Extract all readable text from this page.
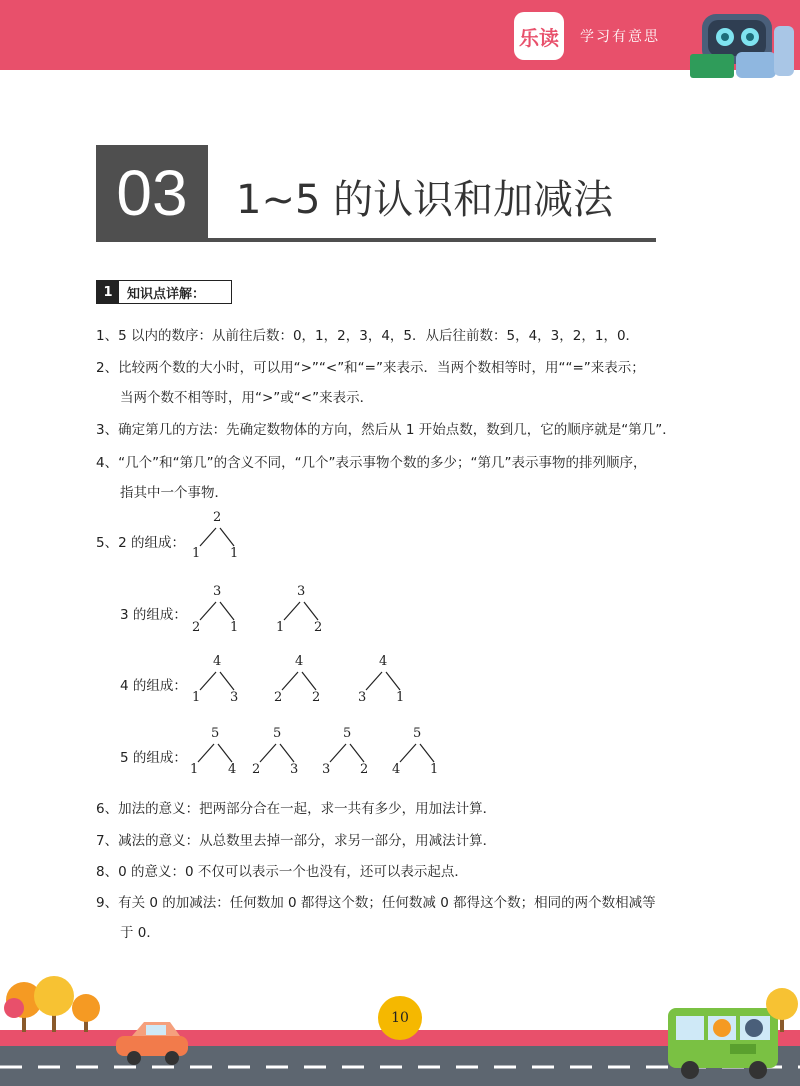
乐读	学习有意思
03	1~5 的认识和加减法
1	知识点详解：
1、5 以内的数序：从前往后数：0，1，2，3，4，5．从后往前数：5，4，3，2，1，0．
2、比较两个数的大小时，可以用“>”“<”和“=”来表示．当两个数相等时，用““=”来表示；
当两个数不相等时，用“>”或“<”来表示．
3、确定第几的方法：先确定数物体的方向，然后从 1 开始点数，数到几，它的顺序就是“第几”．
4、“几个”和“第几”的含义不同，“几个”表示事物个数的多少；“第几”表示事物的排列顺序，
指其中一个事物．
5、2 的组成：
2
1 1
3 的组成：
3
2 1
3
1 2
4 的组成：
4
1 3
4
2 2
4
3 1
5 的组成：
5
1 4
5
2 3
5
3 2
5
4 1
6、加法的意义：把两部分合在一起，求一共有多少，用加法计算．
7、减法的意义：从总数里去掉一部分，求另一部分，用减法计算．
8、0 的意义：0 不仅可以表示一个也没有，还可以表示起点．
9、有关 0 的加减法：任何数加 0 都得这个数；任何数减 0 都得这个数；相同的两个数相减等
于 0．
10
